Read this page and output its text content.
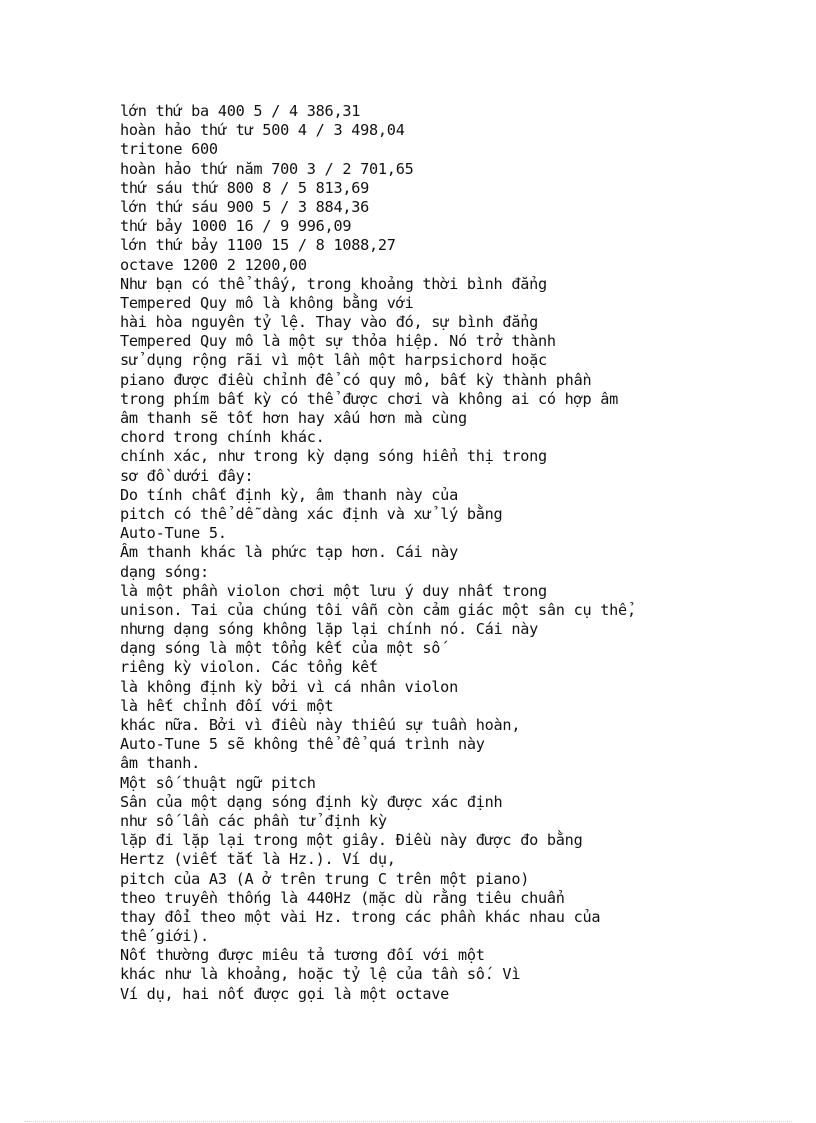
lớn thứ ba 400 5 / 4 386,31
hoàn hảo thứ tư 500 4 / 3 498,04
tritone 600
hoàn hảo thứ năm 700 3 / 2 701,65
thứ sáu thứ 800 8 / 5 813,69
lớn thứ sáu 900 5 / 3 884,36
thứ bảy 1000 16 / 9 996,09
lớn thứ bảy 1100 15 / 8 1088,27
octave 1200 2 1200,00
Như bạn có thể thấy, trong khoảng thời bình đẳng
Tempered Quy mô là không bằng với
hài hòa nguyên tỷ lệ. Thay vào đó, sự bình đẳng
Tempered Quy mô là một sự thỏa hiệp. Nó trở thành
sử dụng rộng rãi vì một lần một harpsichord hoặc
piano được điều chỉnh để có quy mô, bất kỳ thành phần
trong phím bất kỳ có thể được chơi và không ai có hợp âm
âm thanh sẽ tốt hơn hay xấu hơn mà cùng
chord trong chính khác.
chính xác, như trong kỳ dạng sóng hiển thị trong
sơ đồ dưới đây:
Do tính chất định kỳ, âm thanh này của
pitch có thể dễ dàng xác định và xử lý bằng
Auto-Tune 5.
Âm thanh khác là phức tạp hơn. Cái này
dạng sóng:
là một phần violon chơi một lưu ý duy nhất trong
unison. Tai của chúng tôi vẫn còn cảm giác một sân cụ thể,
nhưng dạng sóng không lặp lại chính nó. Cái này
dạng sóng là một tổng kết của một số
riêng kỳ violon. Các tổng kết
là không định kỳ bởi vì cá nhân violon
là hết chỉnh đối với một
khác nữa. Bởi vì điều này thiếu sự tuần hoàn,
Auto-Tune 5 sẽ không thể để quá trình này
âm thanh.
Một số thuật ngữ pitch
Sân của một dạng sóng định kỳ được xác định
như số lần các phần tử định kỳ
lặp đi lặp lại trong một giây. Điều này được đo bằng
Hertz (viết tắt là Hz.). Ví dụ,
pitch của A3 (A ở trên trung C trên một piano)
theo truyền thống là 440Hz (mặc dù rằng tiêu chuẩn
thay đổi theo một vài Hz. trong các phần khác nhau của
thế giới).
Nốt thường được miêu tả tương đối với một
khác như là khoảng, hoặc tỷ lệ của tần số. Vì
Ví dụ, hai nốt được gọi là một octave
